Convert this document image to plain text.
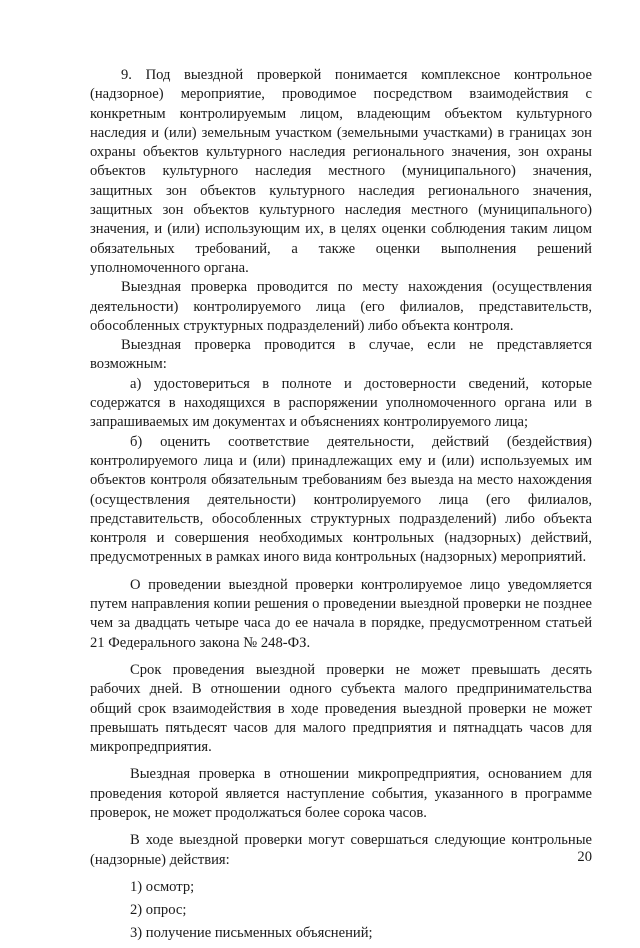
9. Под выездной проверкой понимается комплексное контрольное (надзорное) мероприятие, проводимое посредством взаимодействия с конкретным контролируемым лицом, владеющим объектом культурного наследия и (или) земельным участком (земельными участками) в границах зон охраны объектов культурного наследия регионального значения, зон охраны объектов культурного наследия местного (муниципального) значения, защитных зон объектов культурного наследия регионального значения, защитных зон объектов культурного наследия местного (муниципального) значения, и (или) использующим их, в целях оценки соблюдения таким лицом обязательных требований, а также оценки выполнения решений уполномоченного органа.

Выездная проверка проводится по месту нахождения (осуществления деятельности) контролируемого лица (его филиалов, представительств, обособленных структурных подразделений) либо объекта контроля.

Выездная проверка проводится в случае, если не представляется возможным:

а) удостовериться в полноте и достоверности сведений, которые содержатся в находящихся в распоряжении уполномоченного органа или в запрашиваемых им документах и объяснениях контролируемого лица;

б) оценить соответствие деятельности, действий (бездействия) контролируемого лица и (или) принадлежащих ему и (или) используемых им объектов контроля обязательным требованиям без выезда на место нахождения (осуществления деятельности) контролируемого лица (его филиалов, представительств, обособленных структурных подразделений) либо объекта контроля и совершения необходимых контрольных (надзорных) действий, предусмотренных в рамках иного вида контрольных (надзорных) мероприятий.

О проведении выездной проверки контролируемое лицо уведомляется путем направления копии решения о проведении выездной проверки не позднее чем за двадцать четыре часа до ее начала в порядке, предусмотренном статьей 21 Федерального закона № 248-ФЗ.

Срок проведения выездной проверки не может превышать десять рабочих дней. В отношении одного субъекта малого предпринимательства общий срок взаимодействия в ходе проведения выездной проверки не может превышать пятьдесят часов для малого предприятия и пятнадцать часов для микропредприятия.

Выездная проверка в отношении микропредприятия, основанием для проведения которой является наступление события, указанного в программе проверок, не может продолжаться более сорока часов.

В ходе выездной проверки могут совершаться следующие контрольные (надзорные) действия:

1) осмотр;
2) опрос;
3) получение письменных объяснений;
20
